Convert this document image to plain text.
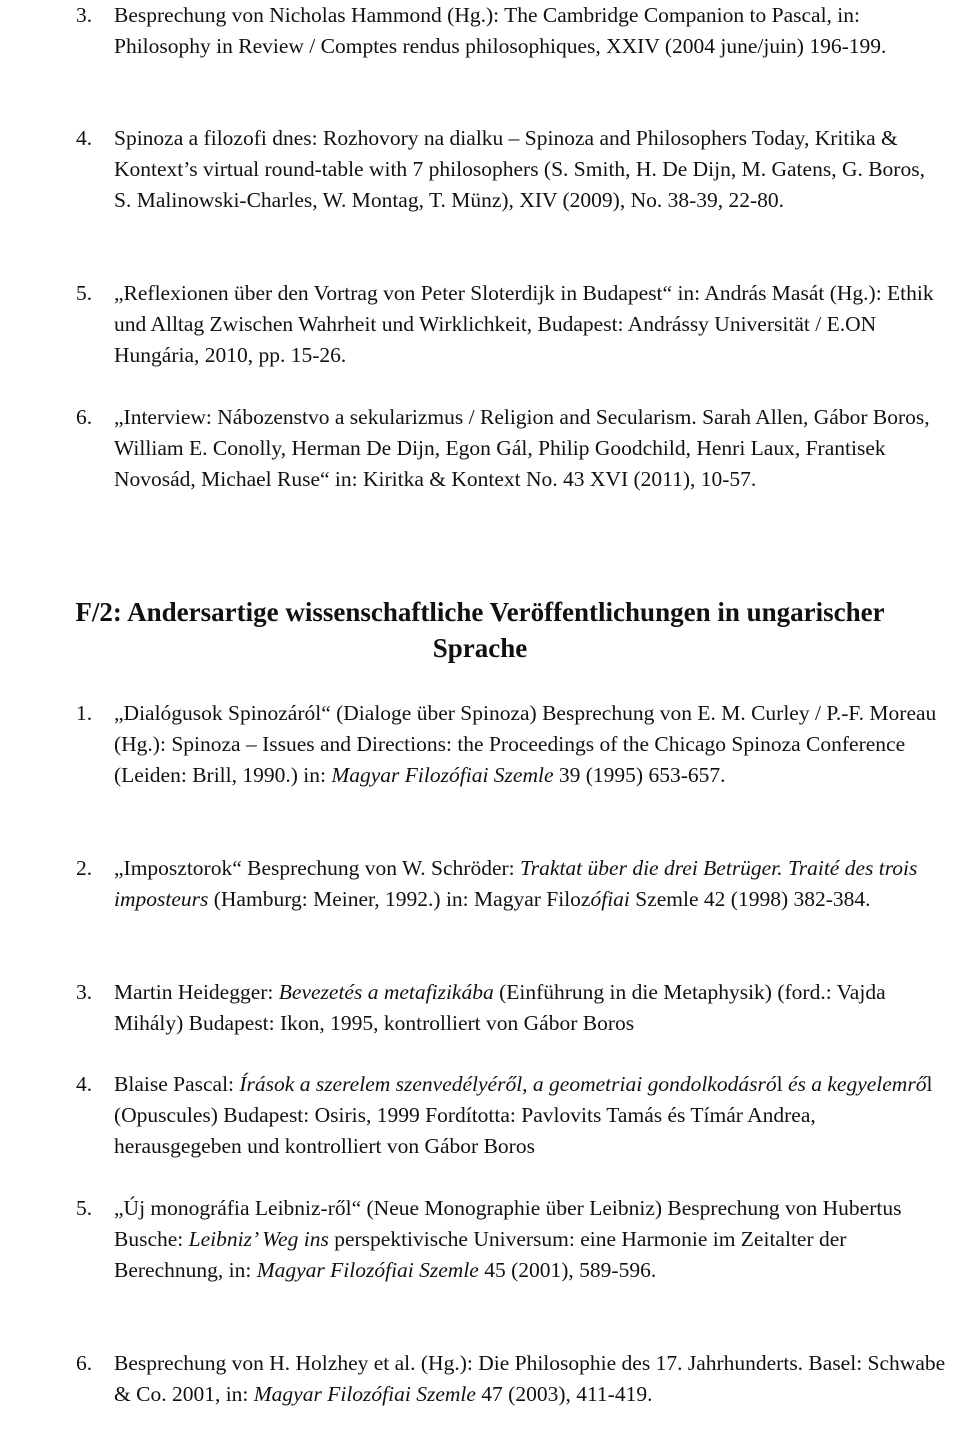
3. Besprechung von Nicholas Hammond (Hg.): The Cambridge Companion to Pascal, in: Philosophy in Review / Comptes rendus philosophiques, XXIV (2004 june/juin) 196-199.
4. Spinoza a filozofi dnes: Rozhovory na dialku – Spinoza and Philosophers Today, Kritika & Kontext’s virtual round-table with 7 philosophers (S. Smith, H. De Dijn, M. Gatens, G. Boros, S. Malinowski-Charles, W. Montag, T. Münz), XIV (2009), No. 38-39, 22-80.
5. „Reflexionen über den Vortrag von Peter Sloterdijk in Budapest“ in: András Masát (Hg.): Ethik und Alltag Zwischen Wahrheit und Wirklichkeit, Budapest: Andrássy Universität / E.ON Hungária, 2010, pp. 15-26.
6. „Interview: Nábozenstvo a sekularizmus / Religion and Secularism. Sarah Allen, Gábor Boros, William E. Conolly, Herman De Dijn, Egon Gál, Philip Goodchild, Henri Laux, Frantisek Novosád, Michael Ruse“ in: Kiritka & Kontext No. 43 XVI (2011), 10-57.
F/2: Andersartige wissenschaftliche Veröffentlichungen in ungarischer
Sprache
1. „Dialógusok Spinozáról“ (Dialoge über Spinoza) Besprechung von E. M. Curley / P.-F. Moreau (Hg.): Spinoza – Issues and Directions: the Proceedings of the Chicago Spinoza Conference (Leiden: Brill, 1990.) in: Magyar Filozófiai Szemle 39 (1995) 653-657.
2. „Imposztorok“ Besprechung von W. Schröder: Traktat über die drei Betrüger. Traité des trois imposteurs (Hamburg: Meiner, 1992.) in: Magyar Filozófiai Szemle 42 (1998) 382-384.
3. Martin Heidegger: Bevezetés a metafizikába (Einführung in die Metaphysik) (ford.: Vajda Mihály) Budapest: Ikon, 1995, kontrolliert von Gábor Boros
4. Blaise Pascal: Írások a szerelem szenvedélyéről, a geometriai gondolkodásról és a kegyelemről (Opuscules) Budapest: Osiris, 1999 Fordította: Pavlovits Tamás és Tímár Andrea, herausgegeben und kontrolliert von Gábor Boros
5. „Új monográfia Leibniz-ről“ (Neue Monographie über Leibniz) Besprechung von Hubertus Busche: Leibniz’ Weg ins perspektivische Universum: eine Harmonie im Zeitalter der Berechnung, in: Magyar Filozófiai Szemle 45 (2001), 589-596.
6. Besprechung von H. Holzhey et al. (Hg.): Die Philosophie des 17. Jahrhunderts. Basel: Schwabe & Co. 2001, in: Magyar Filozófiai Szemle 47 (2003), 411-419.
